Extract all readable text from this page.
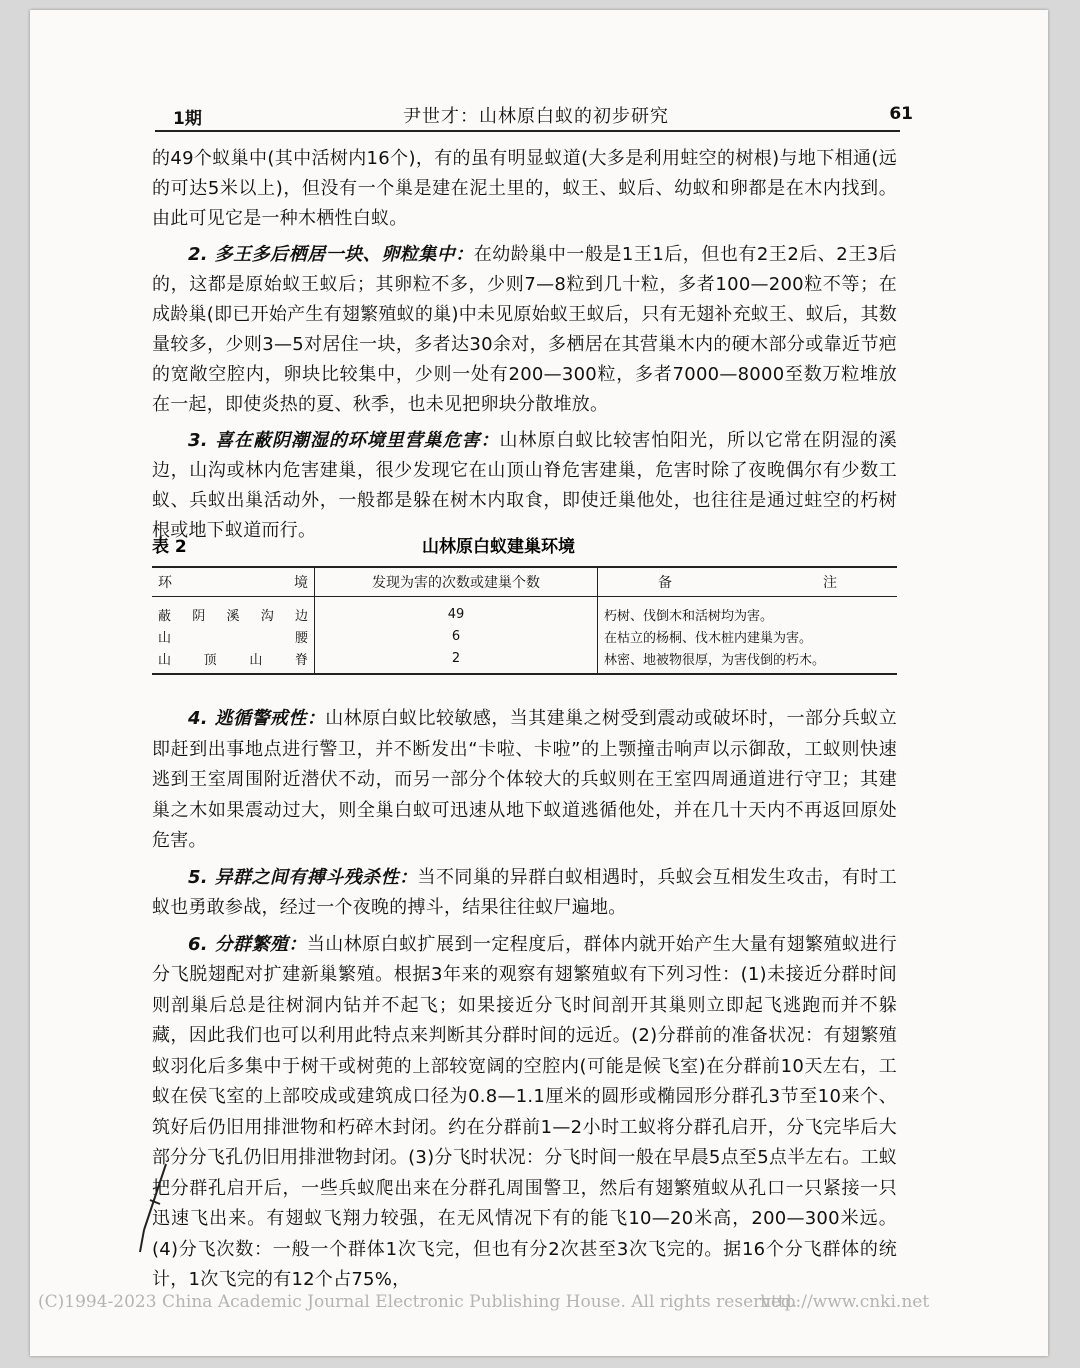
1期	尹世才：山林原白蚁的初步研究	61

的49个蚁巢中(其中活树内16个)，有的虽有明显蚁道(大多是利用蛀空的树根)与地下相通(远的可达5米以上)，但没有一个巢是建在泥土里的，蚁王、蚁后、幼蚁和卵都是在木内找到。由此可见它是一种木栖性白蚁。

2. 多王多后栖居一块、卵粒集中：在幼龄巢中一般是1王1后，但也有2王2后、2王3后的，这都是原始蚁王蚁后；其卵粒不多，少则7—8粒到几十粒，多者100—200粒不等；在成龄巢(即已开始产生有翅繁殖蚁的巢)中未见原始蚁王蚁后，只有无翅补充蚁王、蚁后，其数量较多，少则3—5对居住一块，多者达30余对，多栖居在其营巢木内的硬木部分或靠近节疤的宽敞空腔内，卵块比较集中，少则一处有200—300粒，多者7000—8000至数万粒堆放在一起，即使炎热的夏、秋季，也未见把卵块分散堆放。

3. 喜在蔽阴潮湿的环境里营巢危害：山林原白蚁比较害怕阳光，所以它常在阴湿的溪边，山沟或林内危害建巢，很少发现它在山顶山脊危害建巢，危害时除了夜晚偶尔有少数工蚁、兵蚁出巢活动外，一般都是躲在树木内取食，即使迁巢他处，也往往是通过蛀空的朽树根或地下蚁道而行。

表 2	山林原白蚁建巢环境
环　　境	发现为害的次数或建巢个数	备　　注
蔽阴溪沟边	49	朽树、伐倒木和活树均为害。
山腰	6	在枯立的杨桐、伐木桩内建巢为害。
山顶山脊	2	林密、地被物很厚，为害伐倒的朽木。

4. 逃循警戒性：山林原白蚁比较敏感，当其建巢之树受到震动或破坏时，一部分兵蚁立即赶到出事地点进行警卫，并不断发出“卡啦、卡啦”的上颚撞击响声以示御敌，工蚁则快速逃到王室周围附近潜伏不动，而另一部分个体较大的兵蚁则在王室四周通道进行守卫；其建巢之木如果震动过大，则全巢白蚁可迅速从地下蚁道逃循他处，并在几十天内不再返回原处危害。

5. 异群之间有搏斗残杀性：当不同巢的异群白蚁相遇时，兵蚁会互相发生攻击，有时工蚁也勇敢参战，经过一个夜晚的搏斗，结果往往蚁尸遍地。

6. 分群繁殖：当山林原白蚁扩展到一定程度后，群体内就开始产生大量有翅繁殖蚁进行分飞脱翅配对扩建新巢繁殖。根据3年来的观察有翅繁殖蚁有下列习性：(1)未接近分群时间则剖巢后总是往树洞内钻并不起飞；如果接近分飞时间剖开其巢则立即起飞逃跑而并不躲藏，因此我们也可以利用此特点来判断其分群时间的远近。(2)分群前的准备状况：有翅繁殖蚁羽化后多集中于树干或树蔸的上部较宽阔的空腔内(可能是候飞室)在分群前10天左右，工蚁在侯飞室的上部咬成或建筑成口径为0.8—1.1厘米的圆形或椭园形分群孔3节至10来个、筑好后仍旧用排泄物和朽碎木封闭。约在分群前1—2小时工蚁将分群孔启开，分飞完毕后大部分分飞孔仍旧用排泄物封闭。(3)分飞时状况：分飞时间一般在早晨5点至5点半左右。工蚁把分群孔启开后，一些兵蚁爬出来在分群孔周围警卫，然后有翅繁殖蚁从孔口一只紧接一只迅速飞出来。有翅蚁飞翔力较强，在无风情况下有的能飞10—20米高，200—300米远。(4)分飞次数：一般一个群体1次飞完，但也有分2次甚至3次飞完的。据16个分飞群体的统计，1次飞完的有12个占75%，

(C)1994-2023 China Academic Journal Electronic Publishing House. All rights reserved.
http://www.cnki.net
